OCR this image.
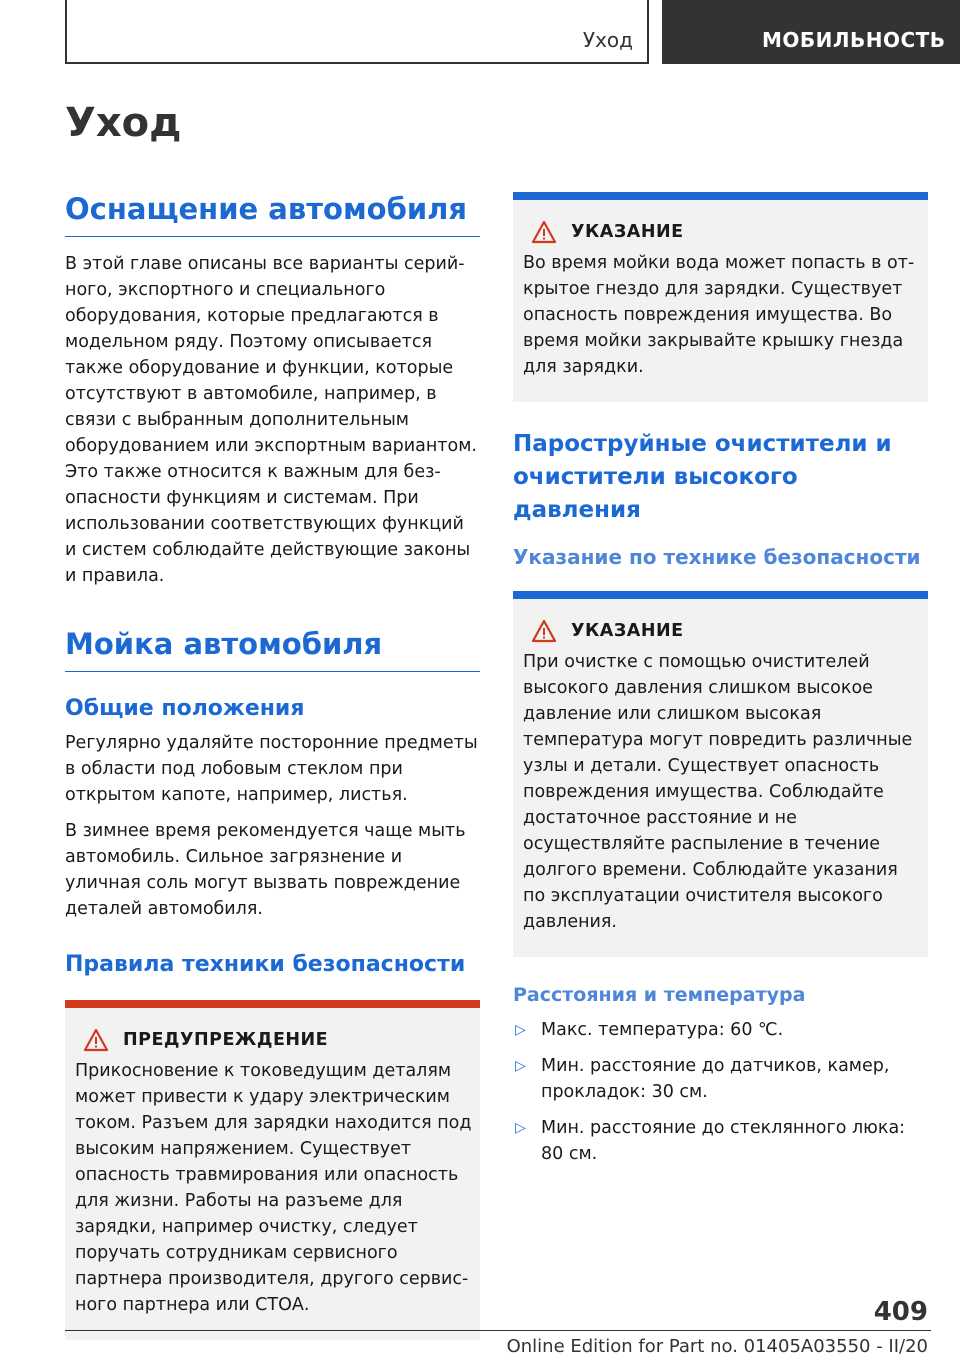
Уход	МОБИЛЬНОСТЬ
Уход
Оснащение автомобиля

В этой главе описаны все варианты серийного, экспортного и специального оборудования, которые предлагаются в модельном ряду. Поэтому описывается также оборудование и функции, которые отсутствуют в автомобиле, например, в связи с выбранным дополнительным оборудованием или экспортным вариантом. Это также относится к важным для безопасности функциям и системам. При использовании соответствующих функций и систем соблюдайте действующие законы и правила.

Мойка автомобиля
Общие положения

Регулярно удаляйте посторонние предметы в области под лобовым стеклом при открытом капоте, например, листья.

В зимнее время рекомендуется чаще мыть автомобиль. Сильное загрязнение и уличная соль могут вызвать повреждение деталей автомобиля.

Правила техники безопасности
ПРЕДУПРЕЖДЕНИЕ

Прикосновение к токоведущим деталям может привести к удару электрическим током. Разъем для зарядки находится под высоким напряжением. Существует опасность травмирования или опасность для жизни. Работы на разъеме для зарядки, например очистку, следует поручать сотрудникам сервисного партнера производителя, другого сервисного партнера или СТОА.

УКАЗАНИЕ

Во время мойки вода может попасть в открытое гнездо для зарядки. Существует опасность повреждения имущества. Во время мойки закрывайте крышку гнезда для зарядки.

Пароструйные очистители и очистители высокого давления
Указание по технике безопасности
УКАЗАНИЕ

При очистке с помощью очистителей высокого давления слишком высокое давление или слишком высокая температура могут повредить различные узлы и детали. Существует опасность повреждения имущества. Соблюдайте достаточное расстояние и не осуществляйте распыление в течение долгого времени. Соблюдайте указания по эксплуатации очистителя высокого давления.

Расстояния и температура
▷ Макс. температура: 60 ℃.
▷ Мин. расстояние до датчиков, камер, прокладок: 30 см.
▷ Мин. расстояние до стеклянного люка: 80 см.
409
Online Edition for Part no. 01405A03550 - II/20
